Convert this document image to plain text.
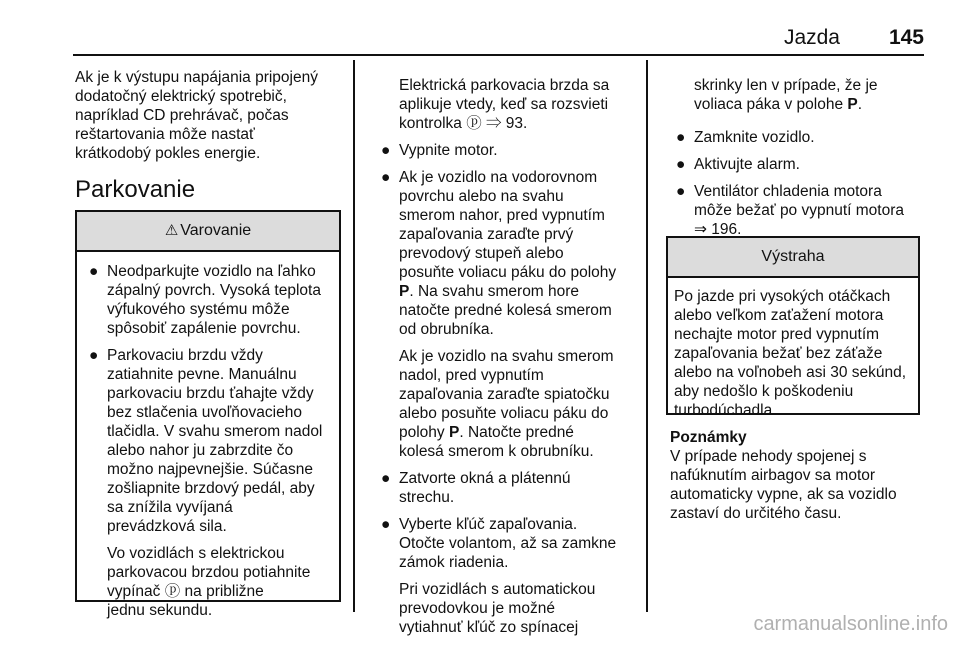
Jazda 145

Ak je k výstupu napájania pripojený
dodatočný elektrický spotrebič,
napríklad CD prehrávač, počas
reštartovania môže nastať
krátkodobý pokles energie.

Parkovanie
⚠ Varovanie
● Neodparkujte vozidlo na ľahko
zápalný povrch. Vysoká teplota
výfukového systému môže
spôsobiť zapálenie povrchu.
● Parkovaciu brzdu vždy
zatiahnite pevne. Manuálnu
parkovaciu brzdu ťahajte vždy
bez stlačenia uvoľňovacieho
tlačidla. V svahu smerom nadol
alebo nahor ju zabrzdite čo
možno najpevnejšie. Súčasne
zošliapnite brzdový pedál, aby
sa znížila vyvíjaná
prevádzková sila.
Vo vozidlách s elektrickou
parkovacou brzdou potiahnite
vypínač ⓟ na približne
jednu sekundu.
Elektrická parkovacia brzda sa
aplikuje vtedy, keď sa rozsvieti
kontrolka ⓟ ⇒ 93.
● Vypnite motor.
● Ak je vozidlo na vodorovnom
povrchu alebo na svahu
smerom nahor, pred vypnutím
zapaľovania zaraďte prvý
prevodový stupeň alebo
posuňte voliacu páku do polohy
P. Na svahu smerom hore
natočte predné kolesá smerom
od obrubníka.
Ak je vozidlo na svahu smerom
nadol, pred vypnutím
zapaľovania zaraďte spiatočku
alebo posuňte voliacu páku do
polohy P. Natočte predné
kolesá smerom k obrubníku.
● Zatvorte okná a plátennú
strechu.
● Vyberte kľúč zapaľovania.
Otočte volantom, až sa zamkne
zámok riadenia.
Pri vozidlách s automatickou
prevodovkou je možné
vytiahnuť kľúč zo spínacej
skrinky len v prípade, že je
voliaca páka v polohe P.
● Zamknite vozidlo.
● Aktivujte alarm.
● Ventilátor chladenia motora
môže bežať po vypnutí motora
⇒ 196.
Výstraha
Po jazde pri vysokých otáčkach
alebo veľkom zaťažení motora
nechajte motor pred vypnutím
zapaľovania bežať bez záťaže
alebo na voľnobeh asi 30 sekúnd,
aby nedošlo k poškodeniu
turbodúchadla.
Poznámky
V prípade nehody spojenej s
nafúknutím airbagov sa motor
automaticky vypne, ak sa vozidlo
zastaví do určitého času.
carmanualsonline.info
